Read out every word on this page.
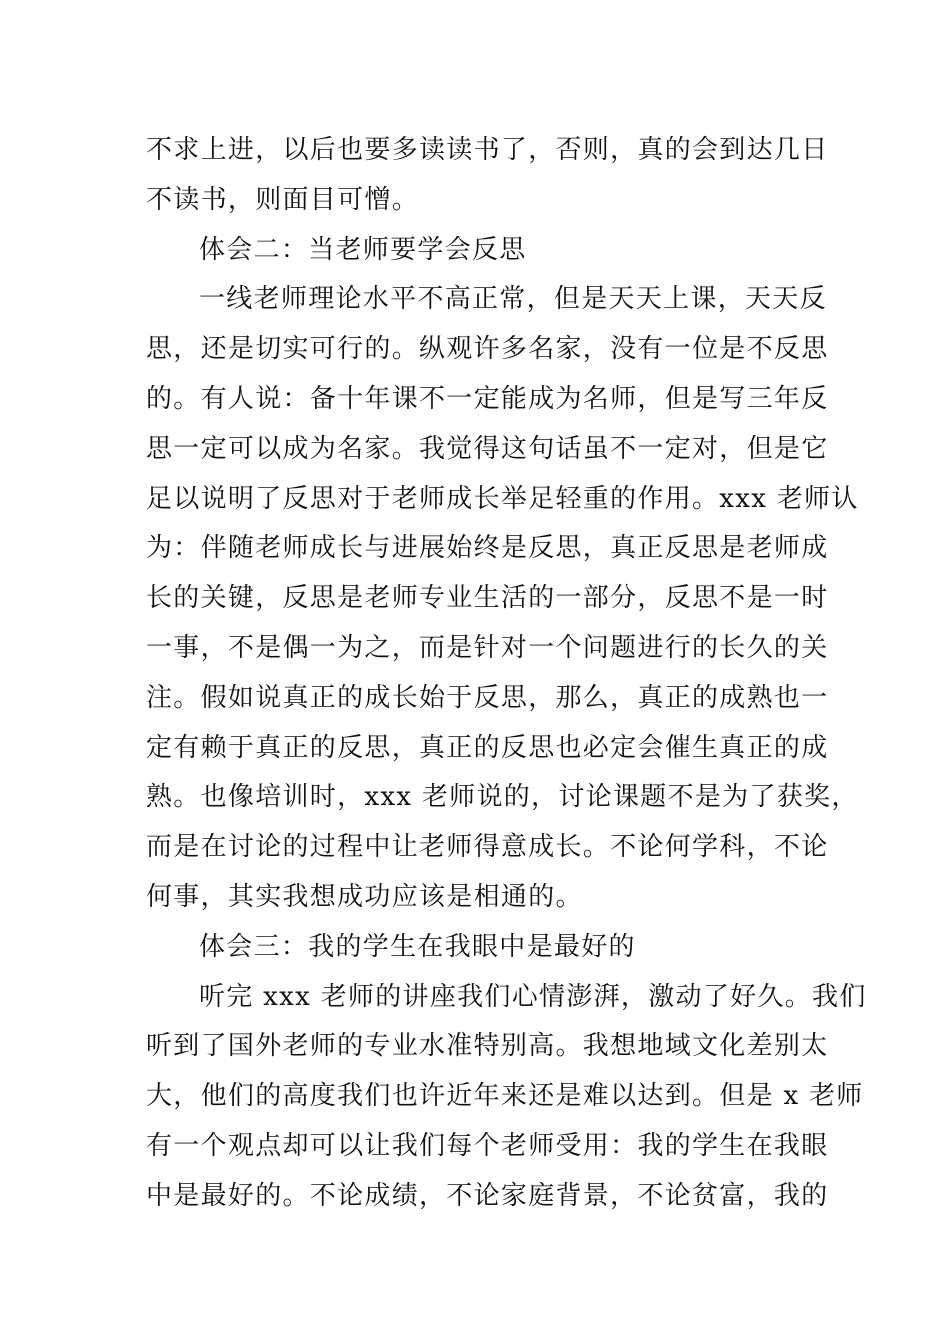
不求上进，以后也要多读读书了，否则，真的会到达几日
不读书，则面目可憎。
体会二：当老师要学会反思
一线老师理论水平不高正常，但是天天上课，天天反
思，还是切实可行的。纵观许多名家，没有一位是不反思
的。有人说：备十年课不一定能成为名师，但是写三年反
思一定可以成为名家。我觉得这句话虽不一定对，但是它
足以说明了反思对于老师成长举足轻重的作用。xxx 老师认
为：伴随老师成长与进展始终是反思，真正反思是老师成
长的关键，反思是老师专业生活的一部分，反思不是一时
一事，不是偶一为之，而是针对一个问题进行的长久的关
注。假如说真正的成长始于反思，那么，真正的成熟也一
定有赖于真正的反思，真正的反思也必定会催生真正的成
熟。也像培训时，xxx 老师说的，讨论课题不是为了获奖，
而是在讨论的过程中让老师得意成长。不论何学科，不论
何事，其实我想成功应该是相通的。
体会三：我的学生在我眼中是最好的
听完 xxx 老师的讲座我们心情澎湃，激动了好久。我们
听到了国外老师的专业水准特别高。我想地域文化差别太
大，他们的高度我们也许近年来还是难以达到。但是 x 老师
有一个观点却可以让我们每个老师受用：我的学生在我眼
中是最好的。不论成绩，不论家庭背景，不论贫富，我的
